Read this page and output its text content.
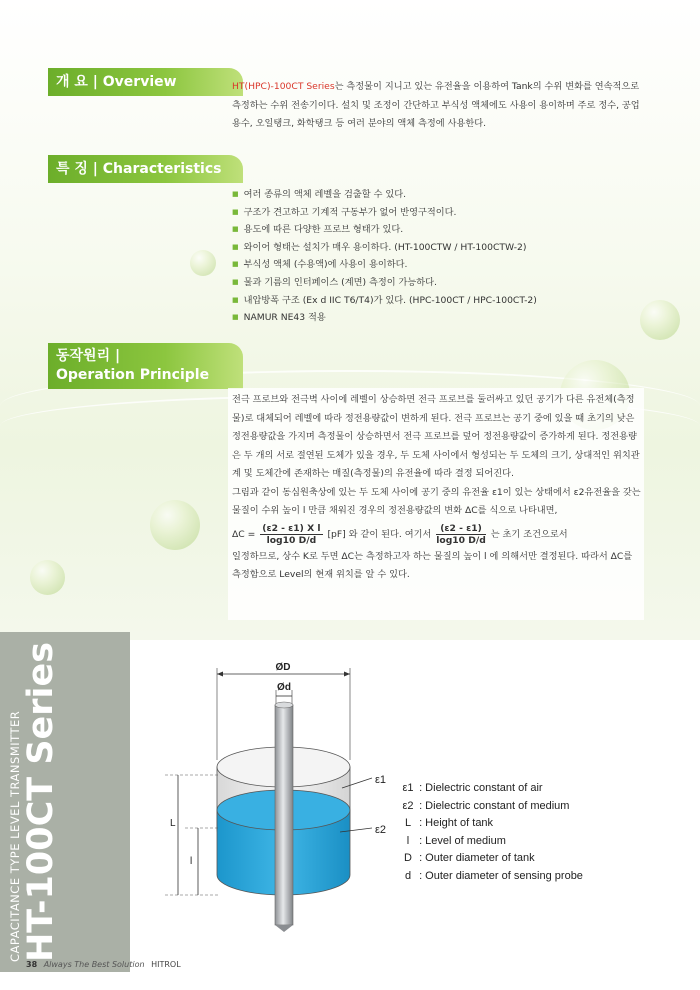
개 요 | Overview	HT(HPC)-100CT Series는 측정물이 지니고 있는 유전율을 이용하여 Tank의 수위 변화를 연속적으로 측정하는 수위 전송기이다. 설치 및 조정이 간단하고 부식성 액체에도 사용이 용이하며 주로 정수, 공업용수, 오일탱크, 화학탱크 등 여러 분야의 액체 측정에 사용한다.
특 징 | Characteristics
■ 여러 종류의 액체 레벨을 검출할 수 있다.
■ 구조가 견고하고 기계적 구동부가 없어 반영구적이다.
■ 용도에 따른 다양한 프로브 형태가 있다.
■ 와이어 형태는 설치가 매우 용이하다. (HT-100CTW / HT-100CTW-2)
■ 부식성 액체 (수용액)에 사용이 용이하다.
■ 물과 기름의 인터페이스 (계면) 측정이 가능하다.
■ 내압방폭 구조 (Ex d IIC T6/T4)가 있다. (HPC-100CT / HPC-100CT-2)
■ NAMUR NE43 적용
동작원리 |
Operation Principle
전극 프로브와 전극벽 사이에 레벨이 상승하면 전극 프로브를 둘러싸고 있던 공기가 다른 유전체(측정물)로 대체되어 레벨에 따라 정전용량값이 변하게 된다. 전극 프로브는 공기 중에 있을 때 초기의 낮은 정전용량값을 가지며 측정물이 상승하면서 전극 프로브를 덮어 정전용량값이 증가하게 된다. 정전용량은 두 개의 서로 절연된 도체가 있을 경우, 두 도체 사이에서 형성되는 두 도체의 크기, 상대적인 위치관계 및 도체간에 존재하는 매질(측정물)의 유전율에 따라 결정 되어진다.
그림과 같이 동심원축상에 있는 두 도체 사이에 공기 중의 유전율 ε1이 있는 상태에서 ε2유전율을 갖는 물질이 수위 높이 l 만큼 채워진 경우의 정전용량값의 변화 ΔC를 식으로 나타내면,
$\Delta C = \frac{\text{(ε2 - ε1) X l}}{\log 10 D/d} [pF]$ 와 같이 된다. 여기서 $\frac{(\varepsilon 2 - \varepsilon 1)}{\log 10 D/d}$ 는 초기 조건으로서
일정하므로, 상수 K로 두면 ΔC는 측정하고자 하는 물질의 높이 l 에 의해서만 결정된다. 따라서 ΔC를 측정함으로 Level의 현재 위치를 알 수 있다.
CAPACITANCE TYPE LEVEL TRANSMITTER HT-100CT Series	ØD
Ød
L
l
ε1
ε2
ε1 : Dielectric constant of air
ε2 : Dielectric constant of medium
L : Height of tank
l : Level of medium
D : Outer diameter of tank
d : Outer diameter of sensing probe
38 Always The Best Solution HITROL
